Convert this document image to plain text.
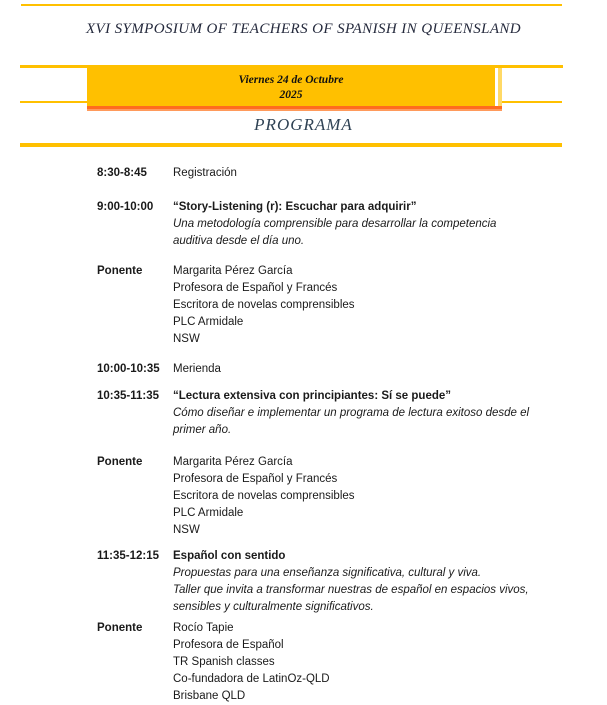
XVI SYMPOSIUM OF TEACHERS OF SPANISH IN QUEENSLAND
Viernes 24 de Octubre
2025
PROGRAMA
8:30-8:45	Registración
9:00-10:00	“Story-Listening (r): Escuchar para adquirir”
Una metodología comprensible para desarrollar la competencia
auditiva desde el día uno.
Ponente	Margarita Pérez García
Profesora de Español y Francés
Escritora de novelas comprensibles
PLC Armidale
NSW
10:00-10:35	Merienda
10:35-11:35	“Lectura extensiva con principiantes: Sí se puede”
Cómo diseñar e implementar un programa de lectura exitoso desde el
primer año.
Ponente	Margarita Pérez García
Profesora de Español y Francés
Escritora de novelas comprensibles
PLC Armidale
NSW
11:35-12:15	Español con sentido
Propuestas para una enseñanza significativa, cultural y viva.
Taller que invita a transformar nuestras de español en espacios vivos,
sensibles y culturalmente significativos.
Ponente	Rocío Tapie
Profesora de Español
TR Spanish classes
Co-fundadora de LatinOz-QLD
Brisbane QLD
